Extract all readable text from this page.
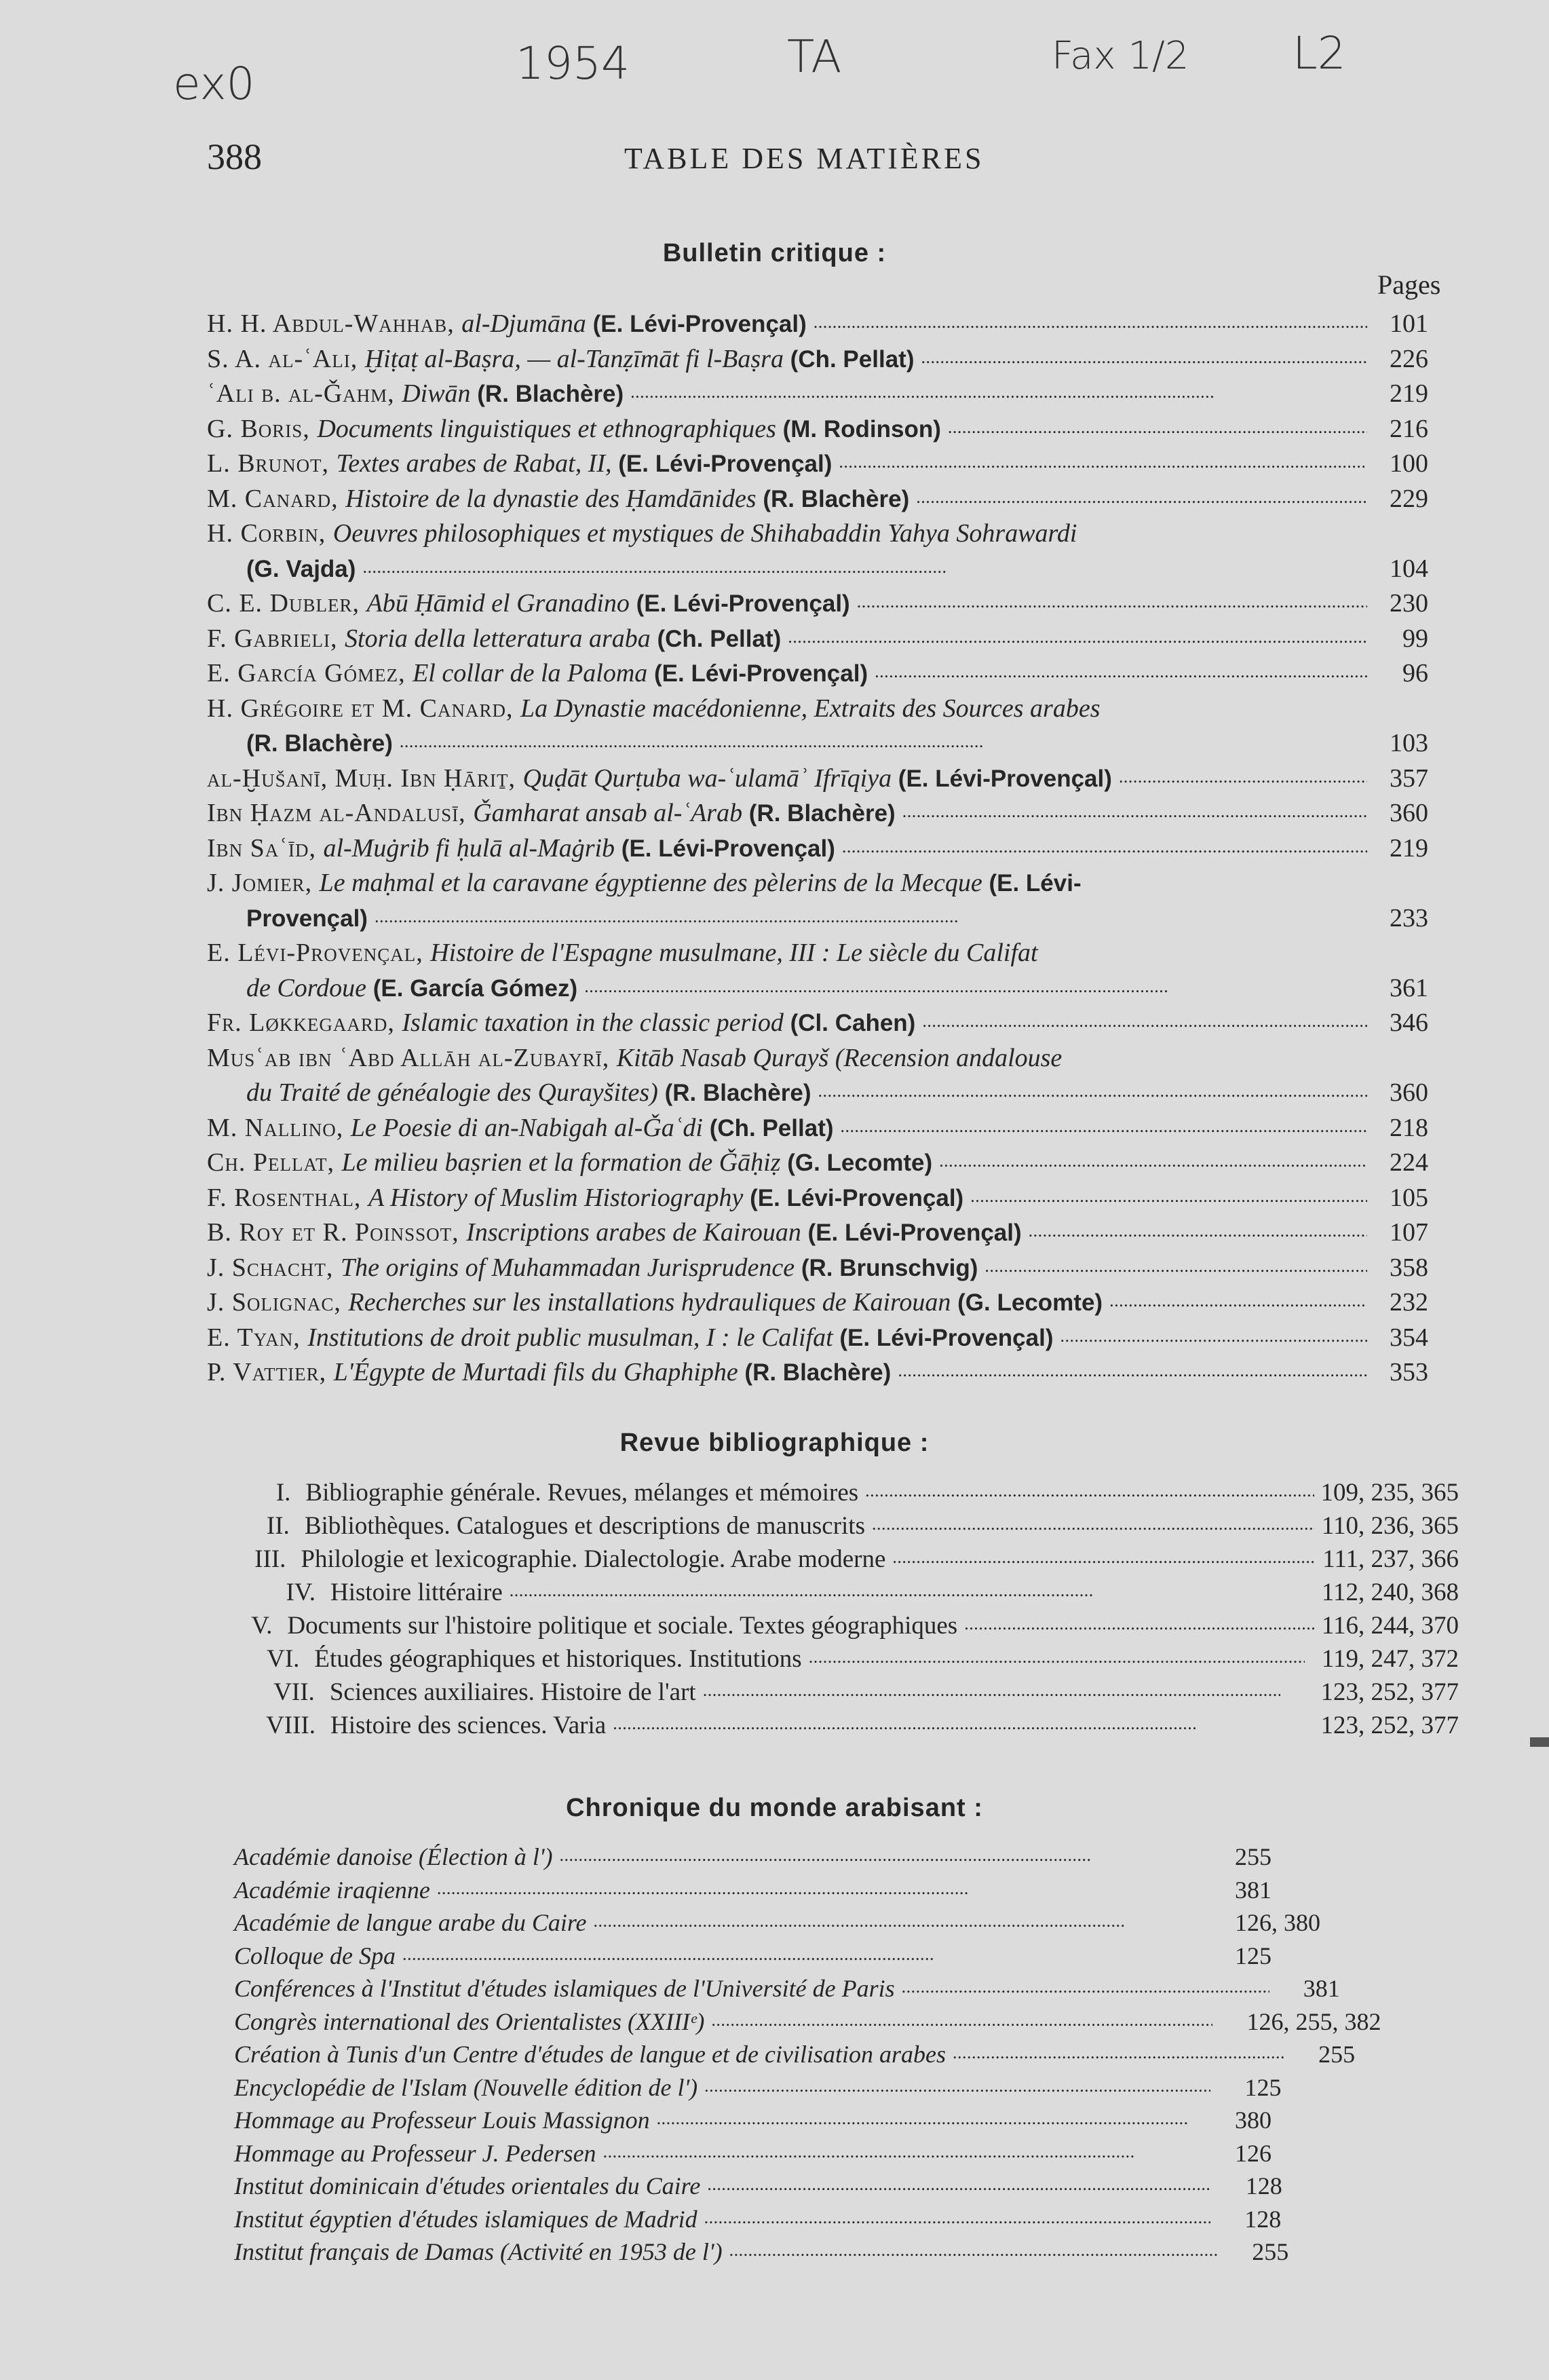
ex0	1954	TA	Fax 1/2 L2
388	TABLE DES MATIÈRES
Bulletin critique :
Pages
H. H. Abdul-Wahhab, al-Djumāna (E. Lévi-Provençal) . . .	101
S. A. al-ʿAli, Ḫiṭaṭ al-Baṣra, — al-Tanẓīmāt fi l-Baṣra (Ch. Pellat) . . .	226
ʿAli b. al-Ǧahm, Diwān (R. Blachère) . . .	219
G. Boris, Documents linguistiques et ethnographiques (M. Rodinson) . . .	216
L. Brunot, Textes arabes de Rabat, II, (E. Lévi-Provençal) . . .	100
M. Canard, Histoire de la dynastie des Ḥamdānides (R. Blachère) . . .	229
H. Corbin, Oeuvres philosophiques et mystiques de Shihabaddin Yahya Sohrawardi
(G. Vajda) . . .	104
C. E. Dubler, Abū Ḥāmid el Granadino (E. Lévi-Provençal) . . .	230
F. Gabrieli, Storia della letteratura araba (Ch. Pellat) . . .	99
E. García Gómez, El collar de la Paloma (E. Lévi-Provençal) . . .	96
H. Grégoire et M. Canard, La Dynastie macédonienne, Extraits des Sources arabes
(R. Blachère) . . .	103
al-Ḫušanī, Muḥ. Ibn Ḥāriṯ, Quḍāt Qurṭuba wa-ʿulamāʾ Ifrīqiya (E. Lévi-Provençal) . . .	357
Ibn Ḥazm al-Andalusī, Ǧamharat ansab al-ʿArab (R. Blachère) . . .	360
Ibn Saʿīd, al-Muġrib fi ḥulā al-Maġrib (E. Lévi-Provençal) . . .	219
J. Jomier, Le maḥmal et la caravane égyptienne des pèlerins de la Mecque (E. Lévi-
Provençal) . . .	233
E. Lévi-Provençal, Histoire de l'Espagne musulmane, III : Le siècle du Califat
de Cordoue (E. García Gómez) . . .	361
Fr. Løkkegaard, Islamic taxation in the classic period (Cl. Cahen) . . .	346
Musʿab ibn ʿAbd Allāh al-Zubayrī, Kitāb Nasab Qurayš (Recension andalouse
du Traité de généalogie des Qurayšites) (R. Blachère) . . .	360
M. Nallino, Le Poesie di an-Nabigah al-Ǧaʿdi (Ch. Pellat) . . .	218
Ch. Pellat, Le milieu baṣrien et la formation de Ǧāḥiẓ (G. Lecomte) . . .	224
F. Rosenthal, A History of Muslim Historiography (E. Lévi-Provençal) . . .	105
B. Roy et R. Poinssot, Inscriptions arabes de Kairouan (E. Lévi-Provençal) . . .	107
J. Schacht, The origins of Muhammadan Jurisprudence (R. Brunschvig) . . .	358
J. Solignac, Recherches sur les installations hydrauliques de Kairouan (G. Lecomte) . . .	232
E. Tyan, Institutions de droit public musulman, I : le Califat (E. Lévi-Provençal) . . .	354
P. Vattier, L'Égypte de Murtadi fils du Ghaphiphe (R. Blachère) . . .	353
Revue bibliographique :
I. Bibliographie générale. Revues, mélanges et mémoires . . .	109, 235, 365
II. Bibliothèques. Catalogues et descriptions de manuscrits . . .	110, 236, 365
III. Philologie et lexicographie. Dialectologie. Arabe moderne . . .	111, 237, 366
IV. Histoire littéraire . . .	112, 240, 368
V. Documents sur l'histoire politique et sociale. Textes géographiques . . .	116, 244, 370
VI. Études géographiques et historiques. Institutions . . .	119, 247, 372
VII. Sciences auxiliaires. Histoire de l'art . . .	123, 252, 377
VIII. Histoire des sciences. Varia . . .	123, 252, 377
Chronique du monde arabisant :
Académie danoise (Élection à l') . . .	255
Académie iraqienne . . .	381
Académie de langue arabe du Caire . . .	126, 380
Colloque de Spa . . .	125
Conférences à l'Institut d'études islamiques de l'Université de Paris . . .	381
Congrès international des Orientalistes (XXIIIᵉ) . . .	126, 255, 382
Création à Tunis d'un Centre d'études de langue et de civilisation arabes . . .	255
Encyclopédie de l'Islam (Nouvelle édition de l') . . .	125
Hommage au Professeur Louis Massignon . . .	380
Hommage au Professeur J. Pedersen . . .	126
Institut dominicain d'études orientales du Caire . . .	128
Institut égyptien d'études islamiques de Madrid . . .	128
Institut français de Damas (Activité en 1953 de l') . . .	255
